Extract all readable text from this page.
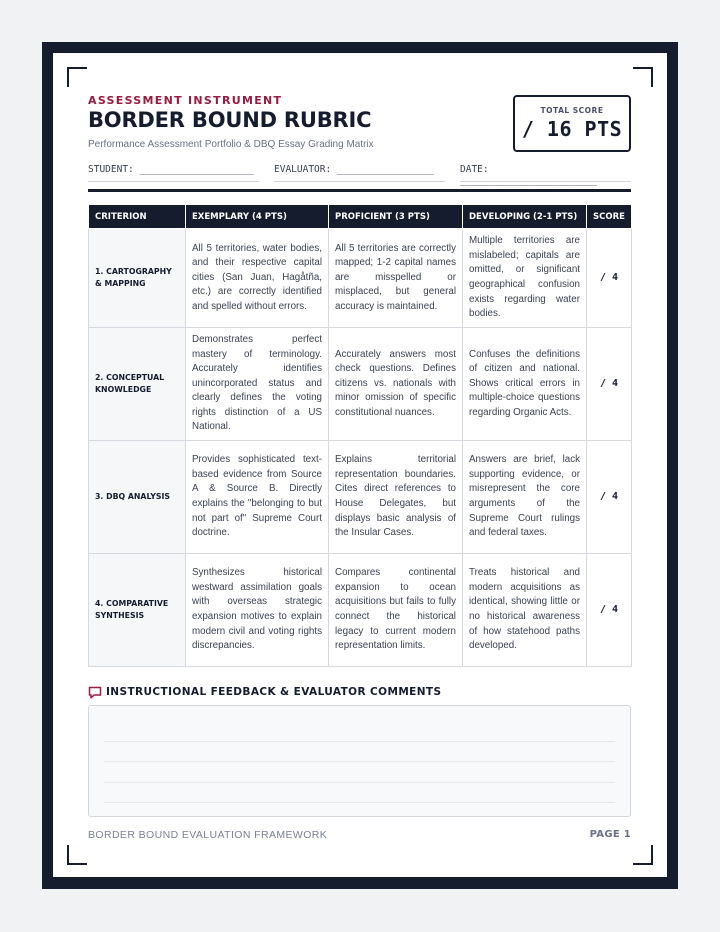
ASSESSMENT INSTRUMENT
BORDER BOUND RUBRIC
Performance Assessment Portfolio & DBQ Essay Grading Matrix
TOTAL SCORE
/ 16 PTS
STUDENT: ____________________	EVALUATOR: _________________	DATE: ________________________
CRITERION	EXEMPLARY (4 PTS)	PROFICIENT (3 PTS)	DEVELOPING (2-1 PTS)	SCORE
1. CARTOGRAPHY & MAPPING	All 5 territories, water bodies, and their respective capital cities (San Juan, Hagåtña, etc.) are correctly identified and spelled without errors.	All 5 territories are correctly mapped; 1-2 capital names are misspelled or misplaced, but general accuracy is maintained.	Multiple territories are mislabeled; capitals are omitted, or significant geographical confusion exists regarding water bodies.	/ 4
2. CONCEPTUAL KNOWLEDGE	Demonstrates perfect mastery of terminology. Accurately identifies unincorporated status and clearly defines the voting rights distinction of a US National.	Accurately answers most check questions. Defines citizens vs. nationals with minor omission of specific constitutional nuances.	Confuses the definitions of citizen and national. Shows critical errors in multiple-choice questions regarding Organic Acts.	/ 4
3. DBQ ANALYSIS	Provides sophisticated text-based evidence from Source A & Source B. Directly explains the "belonging to but not part of" Supreme Court doctrine.	Explains territorial representation boundaries. Cites direct references to House Delegates, but displays basic analysis of the Insular Cases.	Answers are brief, lack supporting evidence, or misrepresent the core arguments of the Supreme Court rulings and federal taxes.	/ 4
4. COMPARATIVE SYNTHESIS	Synthesizes historical westward assimilation goals with overseas strategic expansion motives to explain modern civil and voting rights discrepancies.	Compares continental expansion to ocean acquisitions but fails to fully connect the historical legacy to current modern representation limits.	Treats historical and modern acquisitions as identical, showing little or no historical awareness of how statehood paths developed.	/ 4
INSTRUCTIONAL FEEDBACK & EVALUATOR COMMENTS
BORDER BOUND EVALUATION FRAMEWORK	PAGE 1
